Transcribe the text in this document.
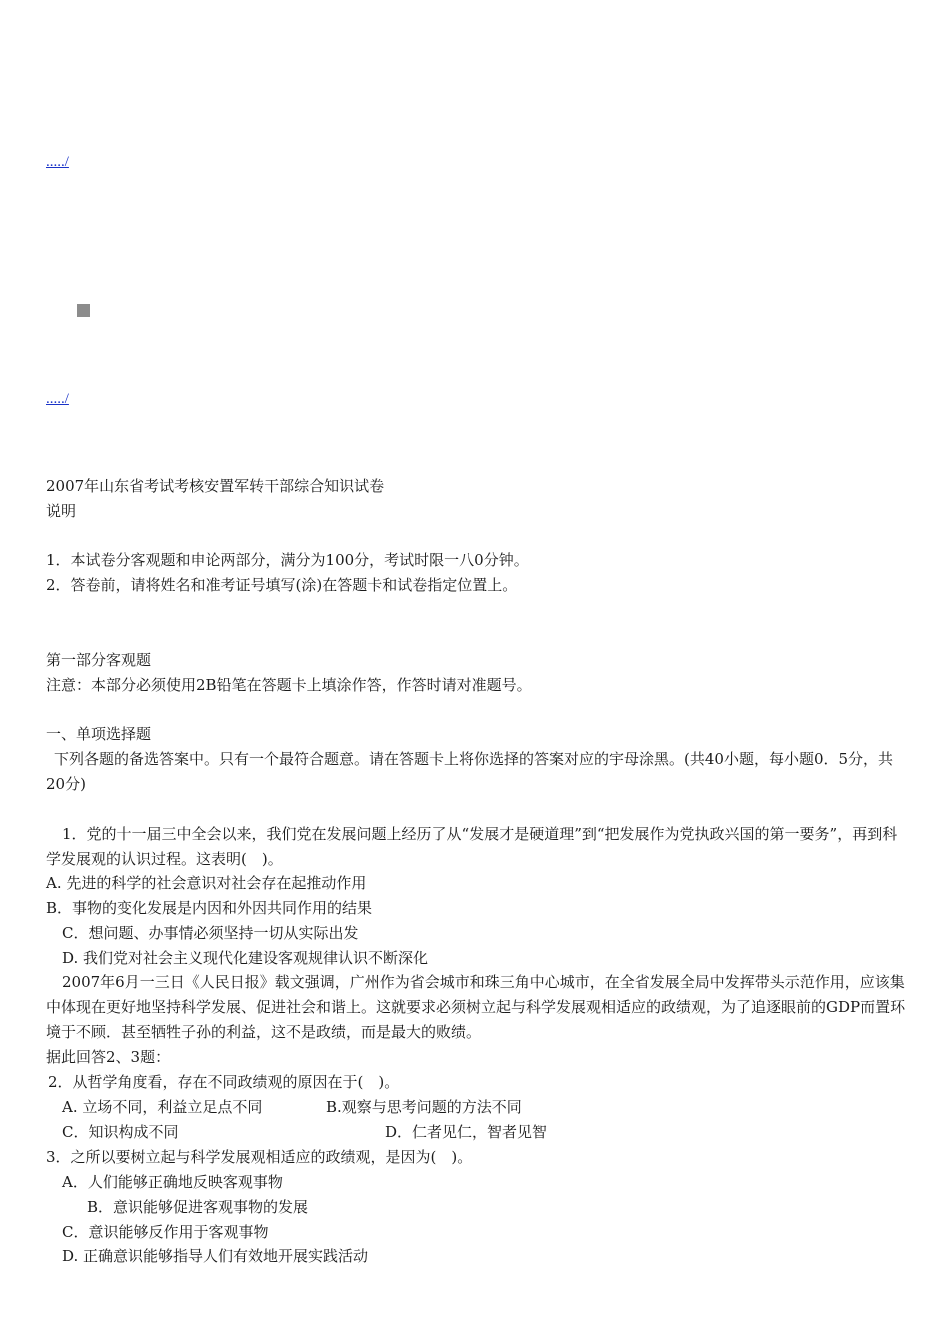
...../
...../
2007年山东省考试考核安置军转干部综合知识试卷
说明
1．本试卷分客观题和申论两部分，满分为100分，考试时限一八0分钟。
2．答卷前，请将姓名和准考证号填写(涂)在答题卡和试卷指定位置上。
第一部分客观题
注意：本部分必须使用2B铅笔在答题卡上填涂作答，作答时请对准题号。
一、单项选择题
下列各题的备选答案中。只有一个最符合题意。请在答题卡上将你选择的答案对应的宇母涂黑。(共40小题，每小题0．5分，共20分)
1．党的十一届三中全会以来，我们党在发展问题上经历了从“发展才是硬道理”到“把发展作为党执政兴国的第一要务”，再到科学发展观的认识过程。这表明(　)。
A. 先进的科学的社会意识对社会存在起推动作用
B．事物的变化发展是内因和外因共同作用的结果
C．想问题、办事情必须坚持一切从实际出发
D. 我们党对社会主义现代化建设客观规律认识不断深化
2007年6月一三日《人民日报》载文强调，广州作为省会城市和珠三角中心城市，在全省发展全局中发挥带头示范作用，应该集中体现在更好地坚持科学发展、促进社会和谐上。这就要求必须树立起与科学发展观相适应的政绩观，为了追逐眼前的GDP而置环境于不顾．甚至牺牲子孙的利益，这不是政绩，而是最大的败绩。
据此回答2、3题：
2．从哲学角度看，存在不同政绩观的原因在于(　)。
A. 立场不同，利益立足点不同	B.观察与思考问题的方法不同
C．知识构成不同	D．仁者见仁，智者见智
3．之所以要树立起与科学发展观相适应的政绩观，是因为(　)。
A．人们能够正确地反映客观事物
B．意识能够促进客观事物的发展
C．意识能够反作用于客观事物
D. 正确意识能够指导人们有效地开展实践活动
